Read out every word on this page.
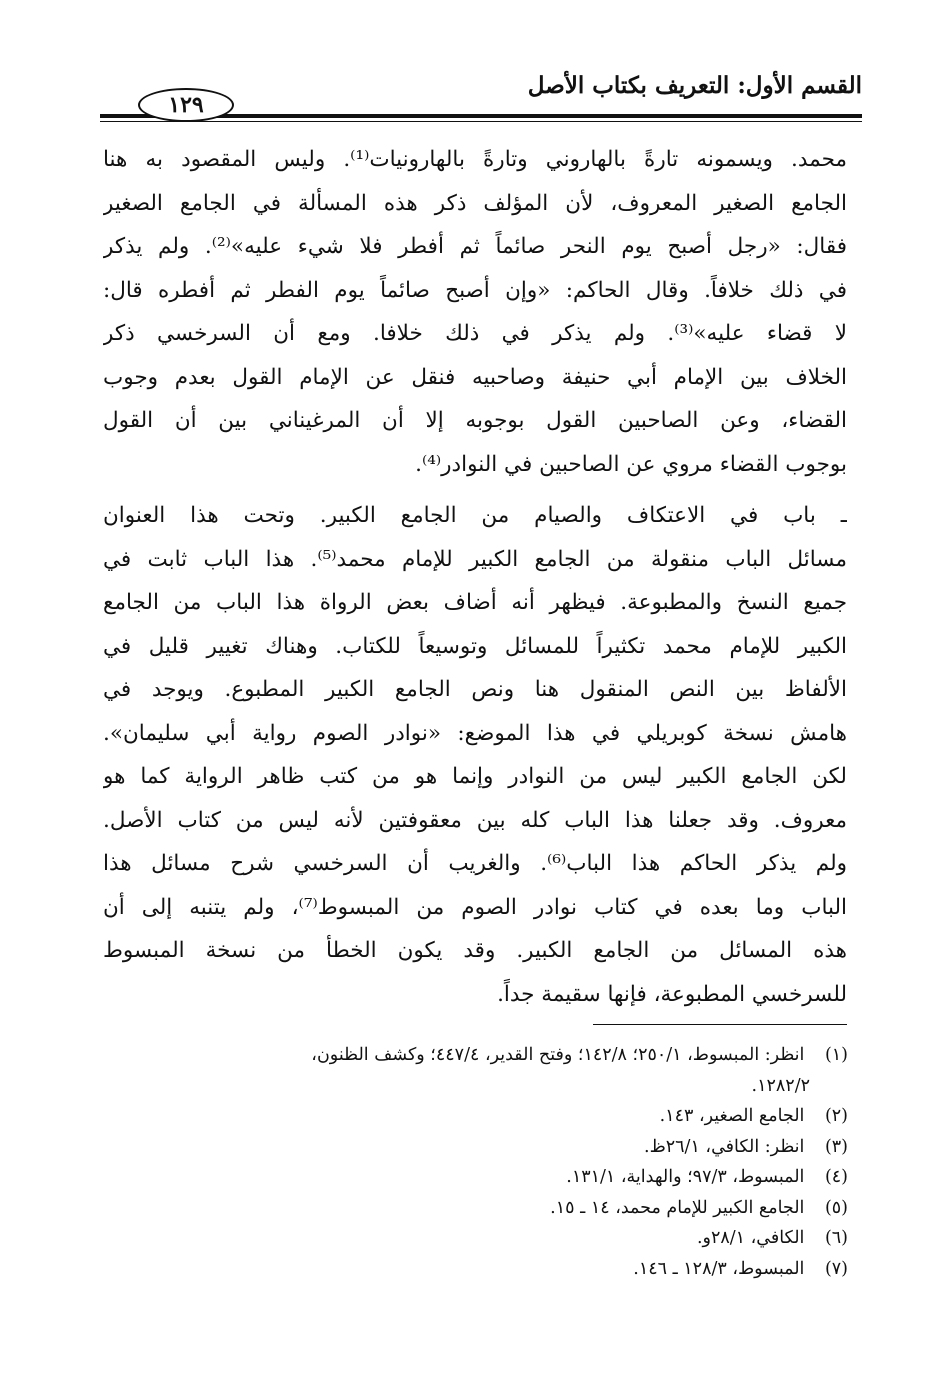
القسم الأول: التعريف بكتاب الأصل
١٢٩
محمد. ويسمونه تارةً بالهاروني وتارةً بالهارونيات⁽¹⁾. وليس المقصود به هنا
الجامع الصغير المعروف، لأن المؤلف ذكر هذه المسألة في الجامع الصغير
فقال: «رجل أصبح يوم النحر صائماً ثم أفطر فلا شيء عليه»⁽²⁾. ولم يذكر
في ذلك خلافاً. وقال الحاكم: «وإن أصبح صائماً يوم الفطر ثم أفطره قال:
لا قضاء عليه»⁽³⁾. ولم يذكر في ذلك خلافا. ومع أن السرخسي ذكر
الخلاف بين الإمام أبي حنيفة وصاحبيه فنقل عن الإمام القول بعدم وجوب
القضاء، وعن الصاحبين القول بوجوبه إلا أن المرغيناني بين أن القول
بوجوب القضاء مروي عن الصاحبين في النوادر⁽⁴⁾.
ـ باب في الاعتكاف والصيام من الجامع الكبير. وتحت هذا العنوان
مسائل الباب منقولة من الجامع الكبير للإمام محمد⁽⁵⁾. هذا الباب ثابت في
جميع النسخ والمطبوعة. فيظهر أنه أضاف بعض الرواة هذا الباب من الجامع
الكبير للإمام محمد تكثيراً للمسائل وتوسيعاً للكتاب. وهناك تغيير قليل في
الألفاظ بين النص المنقول هنا ونص الجامع الكبير المطبوع. ويوجد في
هامش نسخة كوبريلي في هذا الموضع: «نوادر الصوم رواية أبي سليمان».
لكن الجامع الكبير ليس من النوادر وإنما هو من كتب ظاهر الرواية كما هو
معروف. وقد جعلنا هذا الباب كله بين معقوفتين لأنه ليس من كتاب الأصل.
ولم يذكر الحاكم هذا الباب⁽⁶⁾. والغريب أن السرخسي شرح مسائل هذا
الباب وما بعده في كتاب نوادر الصوم من المبسوط⁽⁷⁾، ولم يتنبه إلى أن
هذه المسائل من الجامع الكبير. وقد يكون الخطأ من نسخة المبسوط
للسرخسي المطبوعة، فإنها سقيمة جداً.
(١) انظر: المبسوط، ٢٥٠/١؛ ١٤٢/٨؛ وفتح القدير، ٤٤٧/٤؛ وكشف الظنون،
١٢٨٢/٢.
(٢) الجامع الصغير، ١٤٣.
(٣) انظر: الكافي، ٢٦/١ظ.
(٤) المبسوط، ٩٧/٣؛ والهداية، ١٣١/١.
(٥) الجامع الكبير للإمام محمد، ١٤ ـ ١٥.
(٦) الكافي، ٢٨/١و.
(٧) المبسوط، ١٢٨/٣ ـ ١٤٦.
